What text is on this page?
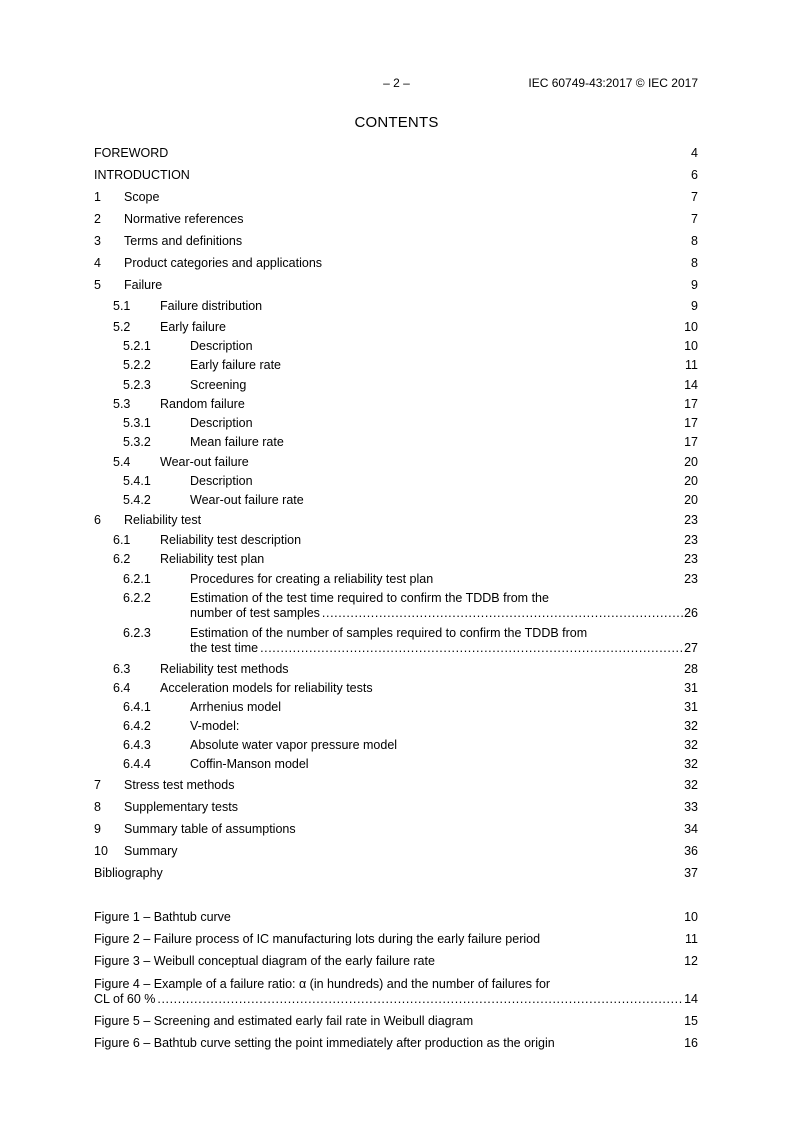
– 2 –	IEC 60749-43:2017 © IEC 2017
CONTENTS
FOREWORD	4
INTRODUCTION	6
1 Scope	7
2 Normative references	7
3 Terms and definitions	8
4 Product categories and applications	8
5 Failure	9
5.1 Failure distribution	9
5.2 Early failure	10
5.2.1	Description	10
5.2.2	Early failure rate	11
5.2.3	Screening	14
5.3 Random failure	17
5.3.1	Description	17
5.3.2	Mean failure rate	17
5.4 Wear-out failure	20
5.4.1	Description	20
5.4.2	Wear-out failure rate	20
6 Reliability test	23
6.1 Reliability test description	23
6.2 Reliability test plan	23
6.2.1	Procedures for creating a reliability test plan	23
6.2.2	Estimation of the test time required to confirm the TDDB from the
number of test samples .....	26
6.2.3	Estimation of the number of samples required to confirm the TDDB from
the test time .....	27
6.3 Reliability test methods	28
6.4 Acceleration models for reliability tests	31
6.4.1	Arrhenius model	31
6.4.2	V-model:	32
6.4.3	Absolute water vapor pressure model	32
6.4.4	Coffin-Manson model	32
7 Stress test methods	32
8 Supplementary tests	33
9 Summary table of assumptions	34
10 Summary	36
Bibliography	37
Figure 1 – Bathtub curve	10
Figure 2 – Failure process of IC manufacturing lots during the early failure period	11
Figure 3 – Weibull conceptual diagram of the early failure rate	12
Figure 4 – Example of a failure ratio: α (in hundreds) and the number of failures for
CL of 60 % .....	14
Figure 5 – Screening and estimated early fail rate in Weibull diagram	15
Figure 6 – Bathtub curve setting the point immediately after production as the origin	16
